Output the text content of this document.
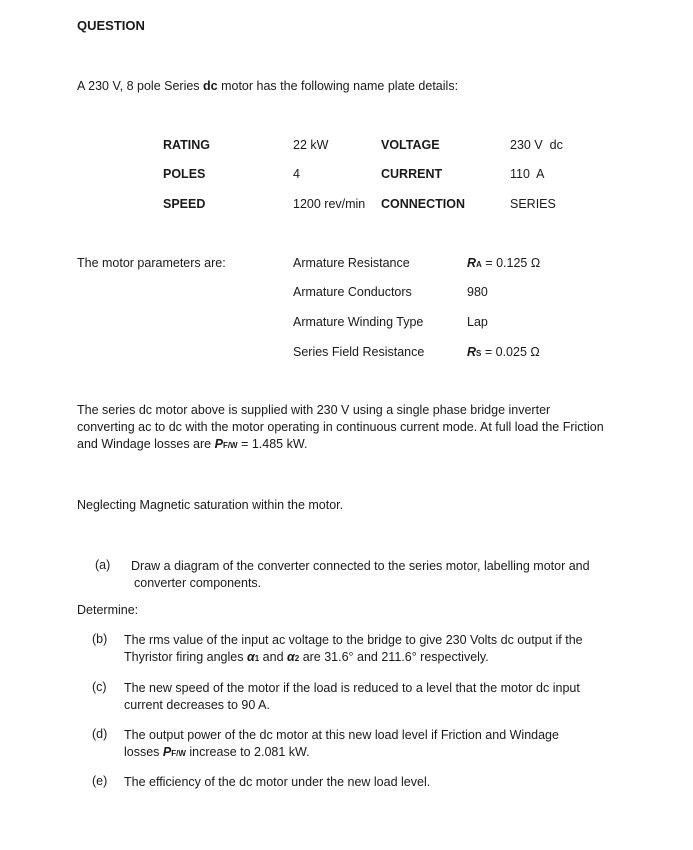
QUESTION
A 230 V, 8 pole Series dc motor has the following name plate details:
RATING	22 kW	VOLTAGE	230 V  dc
POLES	4	CURRENT	110  A
SPEED	1200 rev/min CONNECTION	SERIES
The motor parameters are:	Armature Resistance	RA = 0.125 Ω
Armature Conductors	980
Armature Winding Type	Lap
Series Field Resistance	RS = 0.025 Ω
The series dc motor above is supplied with 230 V using a single phase bridge inverter converting ac to dc with the motor operating in continuous current mode. At full load the Friction and Windage losses are PF/W = 1.485 kW.
Neglecting Magnetic saturation within the motor.
(a) Draw a diagram of the converter connected to the series motor, labelling motor and converter components.
Determine:
(b) The rms value of the input ac voltage to the bridge to give 230 Volts dc output if the Thyristor firing angles α1 and α2 are 31.6° and 211.6° respectively.
(c) The new speed of the motor if the load is reduced to a level that the motor dc input current decreases to 90 A.
(d) The output power of the dc motor at this new load level if Friction and Windage losses PF/W increase to 2.081 kW.
(e) The efficiency of the dc motor under the new load level.
